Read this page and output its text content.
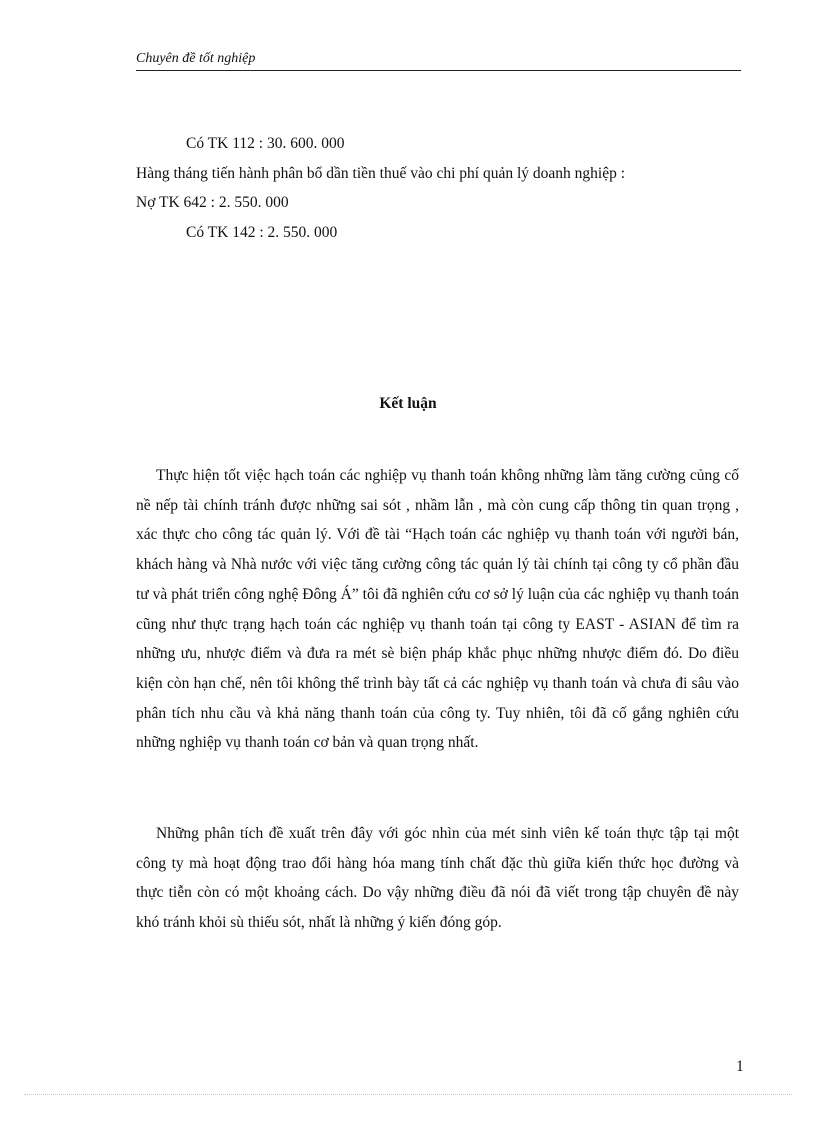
Chuyên đề tốt nghiệp
Có TK 112 : 30. 600. 000
Hàng tháng tiến hành phân bổ dần tiền thuế vào chi phí quản lý doanh nghiệp :
Nợ TK 642 : 2. 550. 000
Có TK 142 : 2. 550. 000
Kết luận

Thực hiện tốt việc hạch toán các nghiệp vụ thanh toán không những làm tăng cường củng cố nề nếp tài chính tránh được những sai sót , nhầm lẫn , mà còn cung cấp thông tin quan trọng , xác thực cho công tác quản lý. Với đề tài “Hạch toán các nghiệp vụ thanh toán với người bán, khách hàng và Nhà nước với việc tăng cường công tác quản lý tài chính tại công ty cổ phần đầu tư và phát triển công nghệ Đông Á” tôi đã nghiên cứu cơ sở lý luận của các nghiệp vụ thanh toán cũng như thực trạng hạch toán các nghiệp vụ thanh toán tại công ty EAST - ASIAN để tìm ra những ưu, nhược điểm và đưa ra mét sè biện pháp khắc phục những nhược điểm đó. Do điều kiện còn hạn chế, nên tôi không thể trình bày tất cả các nghiệp vụ thanh toán và chưa đi sâu vào phân tích nhu cầu và khả năng thanh toán của công ty. Tuy nhiên, tôi đã cố gắng nghiên cứu những nghiệp vụ thanh toán cơ bản và quan trọng nhất.

Những phân tích đề xuất trên đây với góc nhìn của mét sinh viên kế toán thực tập tại một công ty mà hoạt động trao đổi hàng hóa mang tính chất đặc thù giữa kiến thức học đường và thực tiễn còn có một khoảng cách. Do vậy những điều đã nói đã viết trong tập chuyên đề này khó tránh khỏi sù thiếu sót, nhất là những ý kiến đóng góp.

1
